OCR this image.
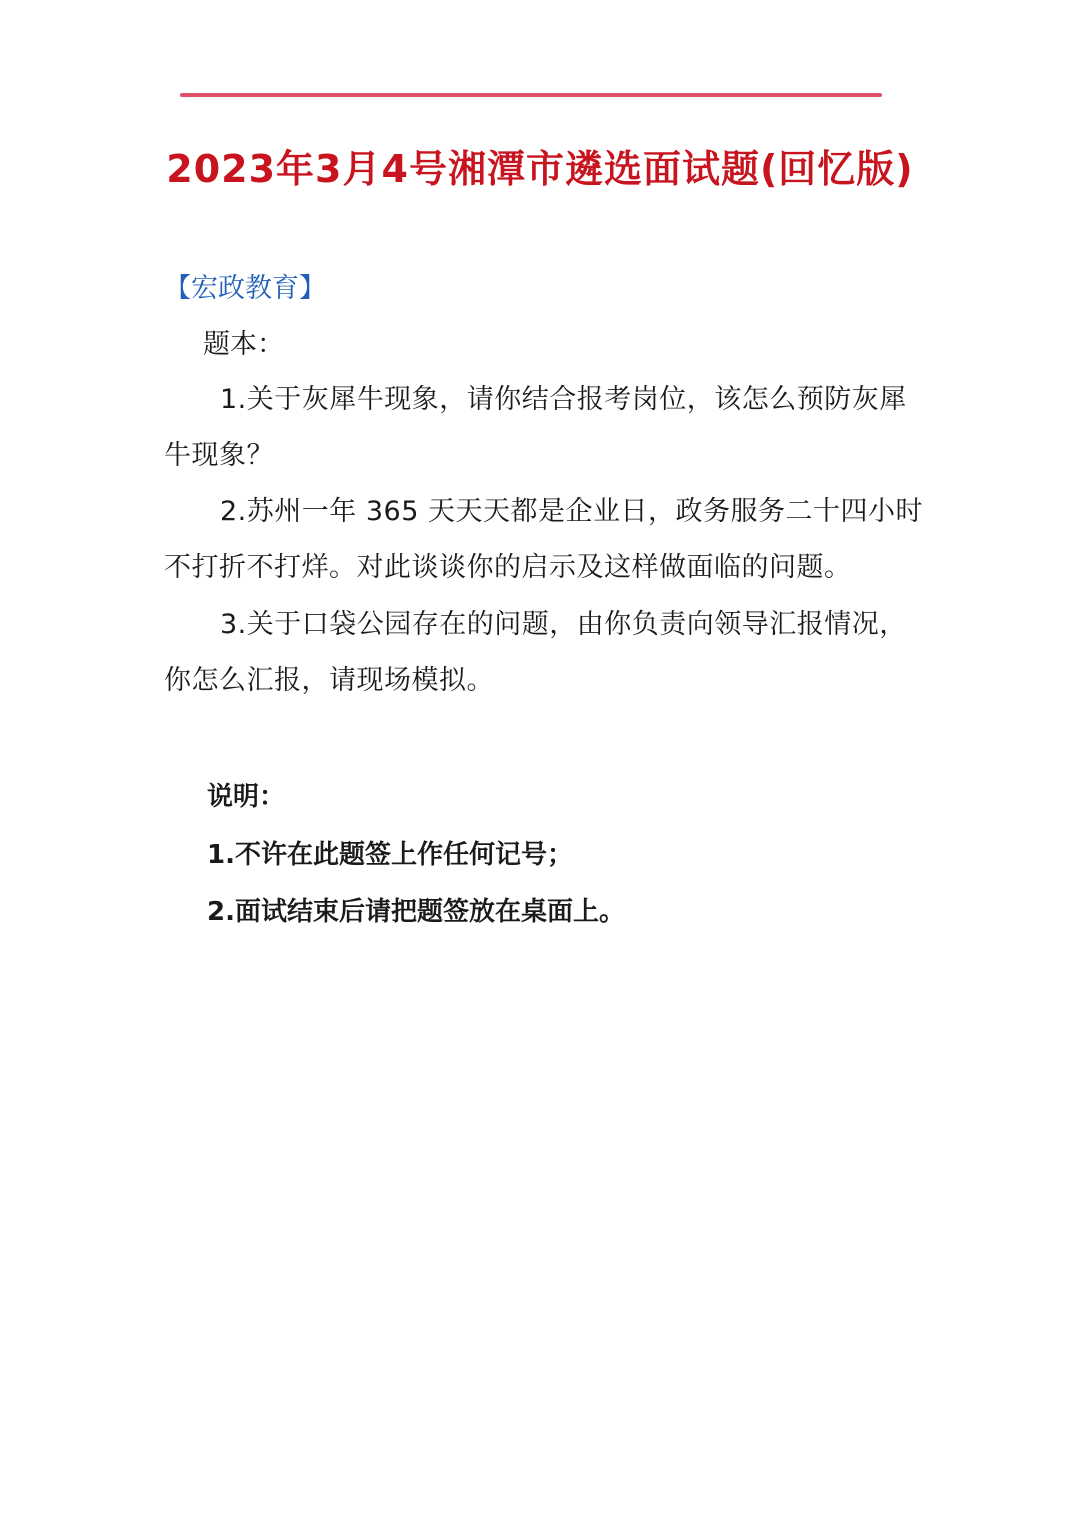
2023年3月4号湘潭市遴选面试题(回忆版)
【宏政教育】
题本：
1.关于灰犀牛现象，请你结合报考岗位，该怎么预防灰犀牛现象？
2.苏州一年 365 天天天都是企业日，政务服务二十四小时不打折不打烊。对此谈谈你的启示及这样做面临的问题。
3.关于口袋公园存在的问题，由你负责向领导汇报情况，你怎么汇报，请现场模拟。
说明：
1.不许在此题签上作任何记号；
2.面试结束后请把题签放在桌面上。
